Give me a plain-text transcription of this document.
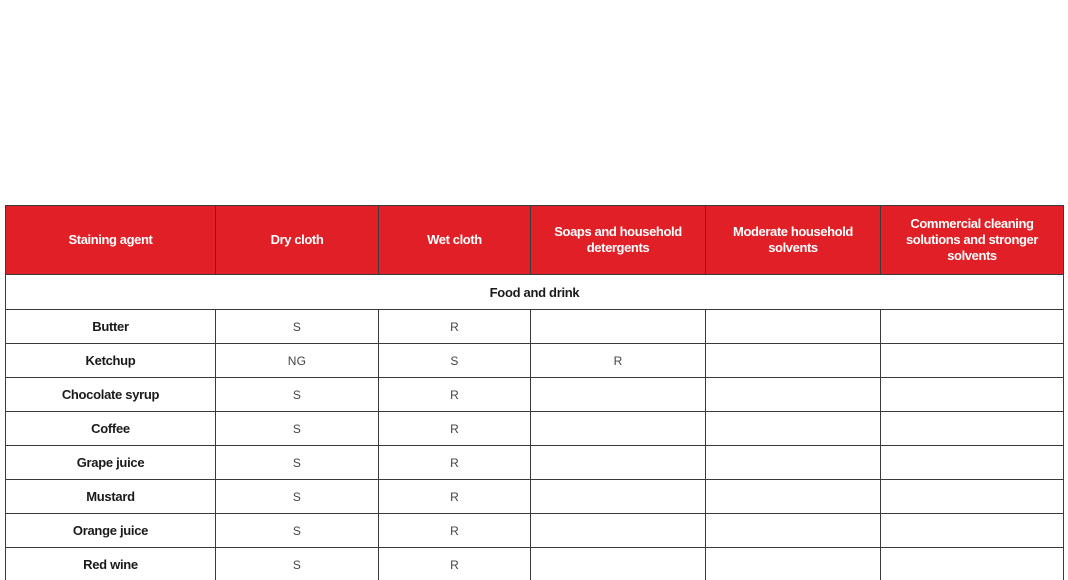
Staining agent	Dry cloth	Wet cloth	Soaps and household detergents	Moderate household solvents	Commercial cleaning solutions and stronger solvents
Food and drink					
Butter	S	R			
Ketchup	NG	S	R		
Chocolate syrup	S	R			
Coffee	S	R			
Grape juice	S	R			
Mustard	S	R			
Orange juice	S	R			
Red wine	S	R			
